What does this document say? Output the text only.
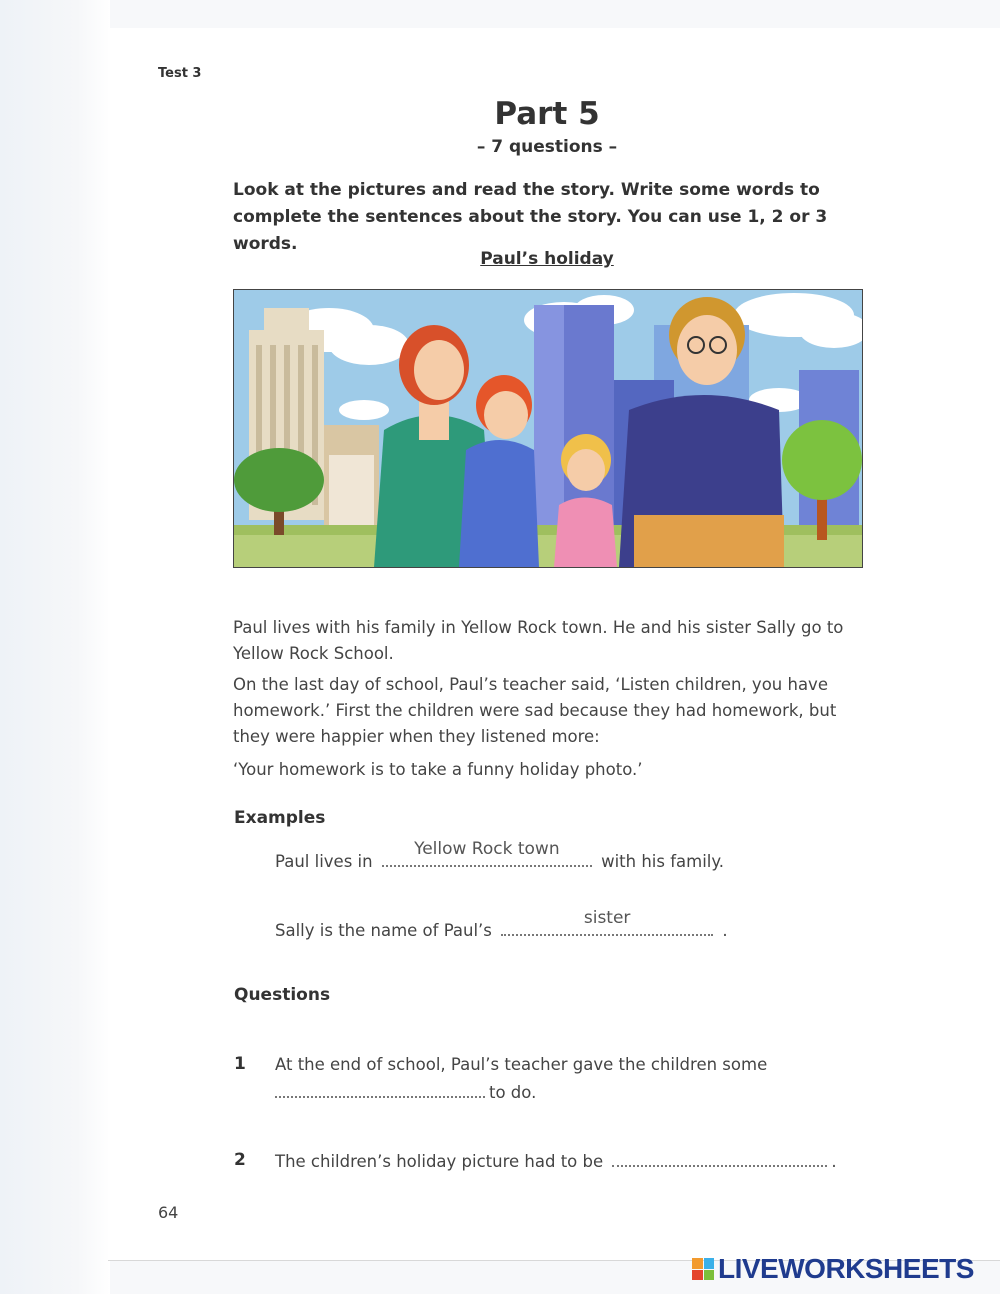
Test 3
Part 5
– 7 questions –
Look at the pictures and read the story. Write some words to
complete the sentences about the story. You can use 1, 2 or 3 words.
Paul’s holiday
Paul lives with his family in Yellow Rock town. He and his sister Sally go to
Yellow Rock School.
On the last day of school, Paul’s teacher said, ‘Listen children, you have
homework.’ First the children were sad because they had homework, but
they were happier when they listened more:
‘Your homework is to take a funny holiday photo.’
Examples
Paul lives in
Yellow Rock town
with his family.
Sally is the name of Paul’s
sister
.
Questions
1 At the end of school, Paul’s teacher gave the children some
to do.
2 The children’s holiday picture had to be	.
64
LIVEWORKSHEETS
